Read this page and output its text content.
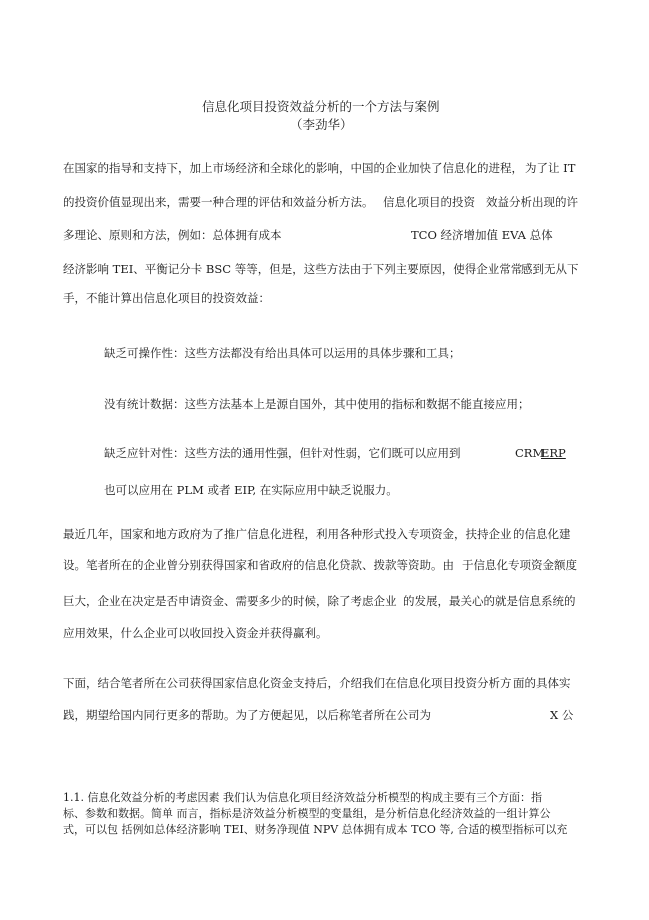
信息化项目投资效益分析的一个方法与案例
（李劲华）
在国家的指导和支持下，加上市场经济和全球化的影响，中国的企业加快了信息化的进程， 为了让 IT
的投资价值显现出来，需要一种合理的评估和效益分析方法。 信息化项目的投资 效益分析出现的许
多理论、原则和方法，例如：总体拥有成本	TCO 经济增加值 EVA 总体
经济影响 TEI、平衡记分卡 BSC 等等，但是，这些方法由于下列主要原因，使得企业常常
感到无从下
手，不能计算出信息化项目的投资效益：
缺乏可操作性：这些方法都没有给出具体可以运用的具体步骤和工具；
没有统计数据：这些方法基本上是源自国外，其中使用的指标和数据不能直接应用；
缺乏应针对性：这些方法的通用性强，但针对性弱，它们既可以应用到	CRM
ERP
也可以应用在 PLM 或者 EIP, 在实际应用中缺乏说服力。
最近几年，国家和地方政府为了推广信息化进程，利用各种形式投入专项资金，扶持企业 的信息化建
设。笔者所在的企业曾分别获得国家和省政府的信息化贷款、拨款等资助。由 于信息化专项资金额度
巨大，企业在决定是否申请资金、需要多少的时候，除了考虑企业 的发展，最关心的就是信息系统的
应用效果，什么企业可以收回投入资金并获得赢利。
下面，结合笔者所在公司获得国家信息化资金支持后，介绍我们在信息化项目投资分析方 面的具体实
践，期望给国内同行更多的帮助。为了方便起见，以后称笔者所在公司为	X 公
1.1. 信息化效益分析的考虑因素 我们认为信息化项目经济效益分析模型的构成主要有三个方面：指
标、参数和数据。简单 而言，指标是济效益分析模型的变量组，是分析信息化经济效益的一组计算公
式，可以包 括例如总体经济影响 TEI、财务净现值 NPV 总体拥有成本 TCO 等, 合适的模型指标可以充
